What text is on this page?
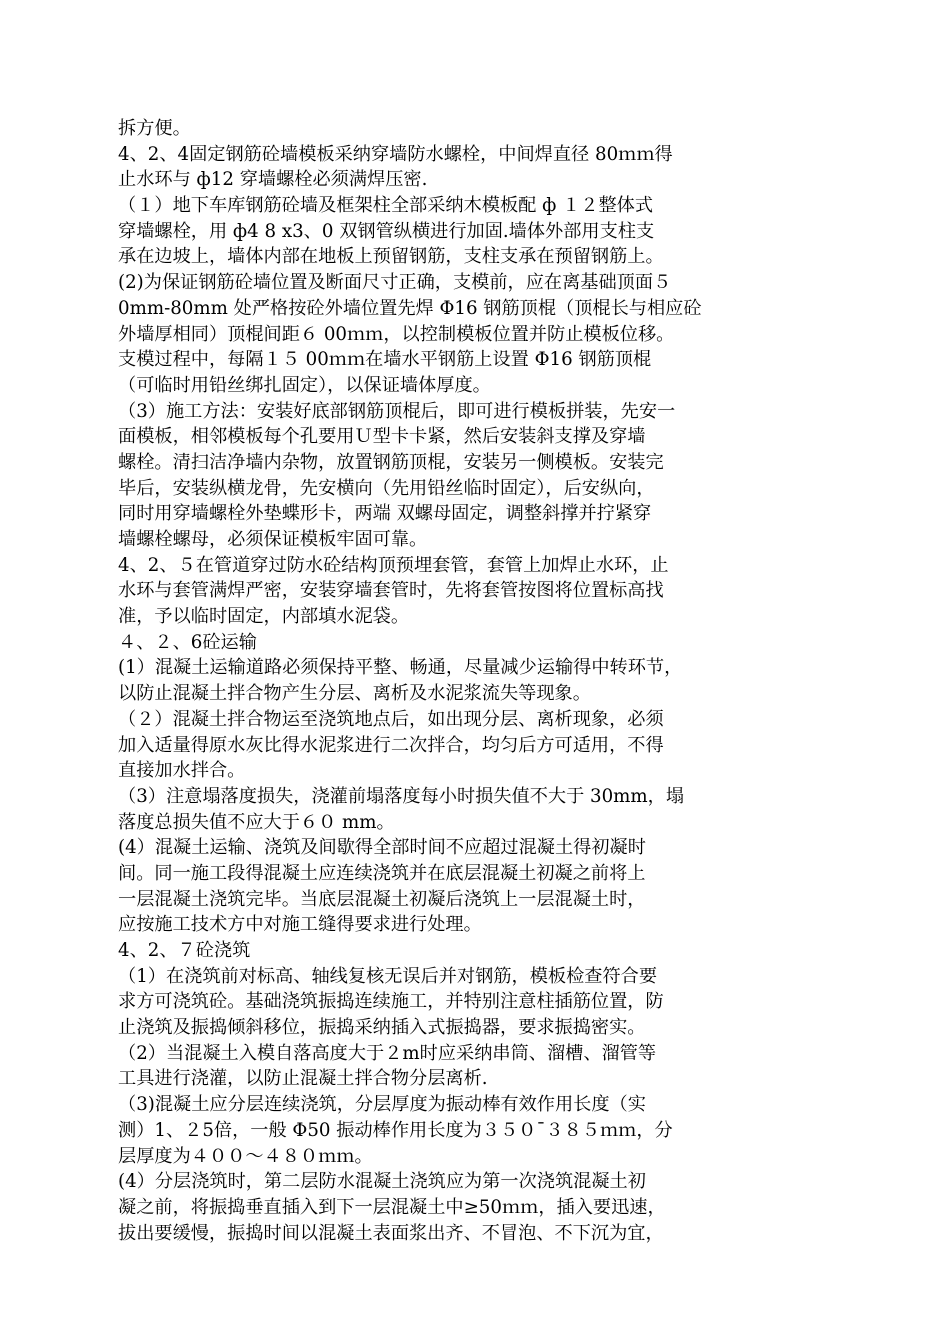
拆方便。
4、2、4固定钢筋砼墙模板采纳穿墙防水螺栓，中间焊直径 80ｍｍ得
止水环与 ф12 穿墙螺栓必须满焊压密.
（１）地下车库钢筋砼墙及框架柱全部采纳木模板配 ф １２整体式
穿墙螺栓，用 ф4 8 x3、0 双钢管纵横进行加固.墙体外部用支柱支
承在边坡上，墙体内部在地板上预留钢筋，支柱支承在预留钢筋上。
(2)为保证钢筋砼墙位置及断面尺寸正确，支模前，应在离基础顶面５
0mm-80mm 处严格按砼外墙位置先焊 Φ16 钢筋顶棍（顶棍长与相应砼
外墙厚相同）顶棍间距６ 00ｍｍ，以控制模板位置并防止模板位移。
支模过程中，每隔１５ 00ｍｍ在墙水平钢筋上设置 Φ16 钢筋顶棍
（可临时用铅丝绑扎固定），以保证墙体厚度。
（3）施工方法：安装好底部钢筋顶棍后，即可进行模板拼装，先安一
面模板，相邻模板每个孔要用Ｕ型卡卡紧，然后安装斜支撑及穿墙
螺栓。清扫洁净墙内杂物，放置钢筋顶棍，安装另一侧模板。安装完
毕后，安装纵横龙骨，先安横向（先用铅丝临时固定），后安纵向，
同时用穿墙螺栓外垫蝶形卡，两端 双螺母固定，调整斜撑并拧紧穿
墙螺栓螺母，必须保证模板牢固可靠。
4、2、５在管道穿过防水砼结构顶预埋套管，套管上加焊止水环，止
水环与套管满焊严密，安装穿墙套管时，先将套管按图将位置标高找
准，予以临时固定，内部填水泥袋。
４、２、6砼运输
(1）混凝土运输道路必须保持平整、畅通，尽量减少运输得中转环节，
以防止混凝土拌合物产生分层、离析及水泥浆流失等现象。
（２）混凝土拌合物运至浇筑地点后，如出现分层、离析现象，必须
加入适量得原水灰比得水泥浆进行二次拌合，均匀后方可适用，不得
直接加水拌合。
（3）注意塌落度损失，浇灌前塌落度每小时损失值不大于 30mm，塌
落度总损失值不应大于６０ mm。
(4）混凝土运输、浇筑及间歇得全部时间不应超过混凝土得初凝时
间。同一施工段得混凝土应连续浇筑并在底层混凝土初凝之前将上
一层混凝土浇筑完毕。当底层混凝土初凝后浇筑上一层混凝土时，
应按施工技术方中对施工缝得要求进行处理。
4、2、７砼浇筑
（1）在浇筑前对标高、轴线复核无误后并对钢筋，模板检查符合要
求方可浇筑砼。基础浇筑振捣连续施工，并特别注意柱插筋位置，防
止浇筑及振捣倾斜移位，振捣采纳插入式振捣器，要求振捣密实。
（2）当混凝土入模自落高度大于２m时应采纳串筒、溜槽、溜管等
工具进行浇灌，以防止混凝土拌合物分层离析.
（3)混凝土应分层连续浇筑，分层厚度为振动棒有效作用长度（实
测）1、２5倍，一般 Φ50 振动棒作用长度为３５０¯３８５ｍｍ，分
层厚度为４００～４８０ｍｍ。
(4）分层浇筑时，第二层防水混凝土浇筑应为第一次浇筑混凝土初
凝之前，将振捣垂直插入到下一层混凝土中≥50ｍｍ，插入要迅速，
拔出要缓慢，振捣时间以混凝土表面浆出齐、不冒泡、不下沉为宜，
